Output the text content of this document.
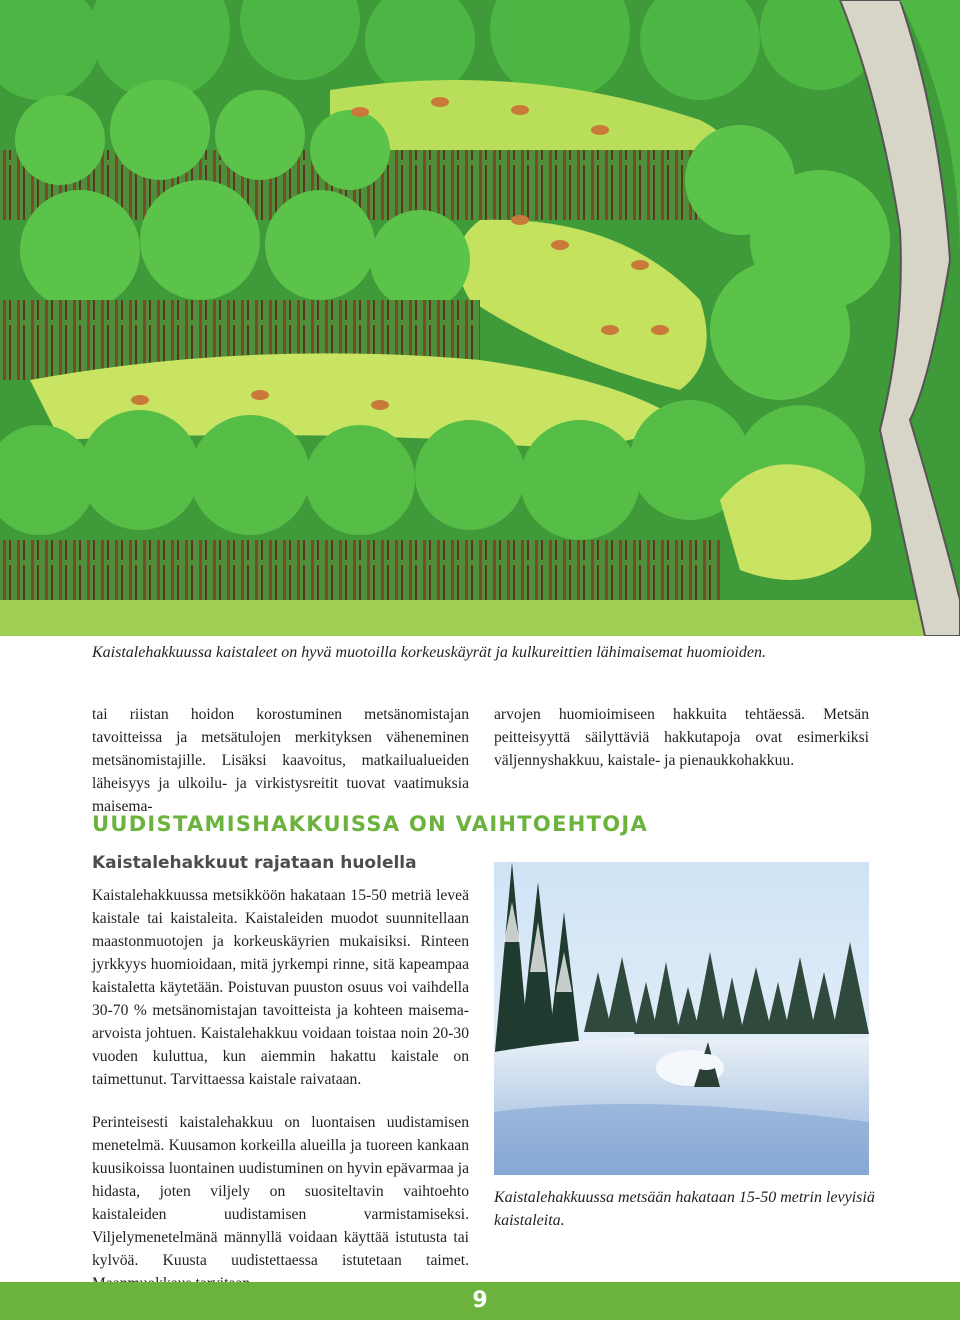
Kaistalehakkuussa kaistaleet on hyvä muotoilla korkeuskäyrät ja kulkureittien lähimaisemat huomioiden.

tai riistan hoidon korostuminen metsänomistajan tavoitteissa ja metsätulojen merkityksen väheneminen metsänomistajille. Lisäksi kaavoitus, matkailualueiden läheisyys ja ulkoilu- ja virkistysreitit tuovat vaatimuksia maisema-

arvojen huomioimiseen hakkuita tehtäessä. Metsän peitteisyyttä säilyttäviä hakkutapoja ovat esimerkiksi väljennyshakkuu, kaistale- ja pienaukkohakkuu.

UUDISTAMISHAKKUISSA ON VAIHTOEHTOJA
Kaistalehakkuut rajataan huolella

Kaistalehakkuussa metsikköön hakataan 15-50 metriä leveä kaistale tai kaistaleita. Kaistaleiden muodot suunnitellaan maastonmuotojen ja korkeuskäyrien mukaisiksi. Rinteen jyrkkyys huomioidaan, mitä jyrkempi rinne, sitä kapeampaa kaistaletta käytetään. Poistuvan puuston osuus voi vaihdella 30-70 % metsänomistajan tavoitteista ja kohteen maisema-arvoista johtuen. Kaistalehakkuu voidaan toistaa noin 20-30 vuoden kuluttua, kun aiemmin hakattu kaistale on taimettunut. Tarvittaessa kaistale raivataan.

Perinteisesti kaistalehakkuu on luontaisen uudistamisen menetelmä. Kuusamon korkeilla alueilla ja tuoreen kankaan kuusikoissa luontainen uudistuminen on hyvin epävarmaa ja hidasta, joten viljely on suositeltavin vaihtoehto kaistaleiden uudistamisen varmistamiseksi. Viljelymenetelmänä männyllä voidaan käyttää istutusta tai kylvöä. Kuusta uudistettaessa istutetaan taimet.

Kaistalehakkuussa metsään hakataan 15-50 metrin levyisiä kaistaleita.
9
